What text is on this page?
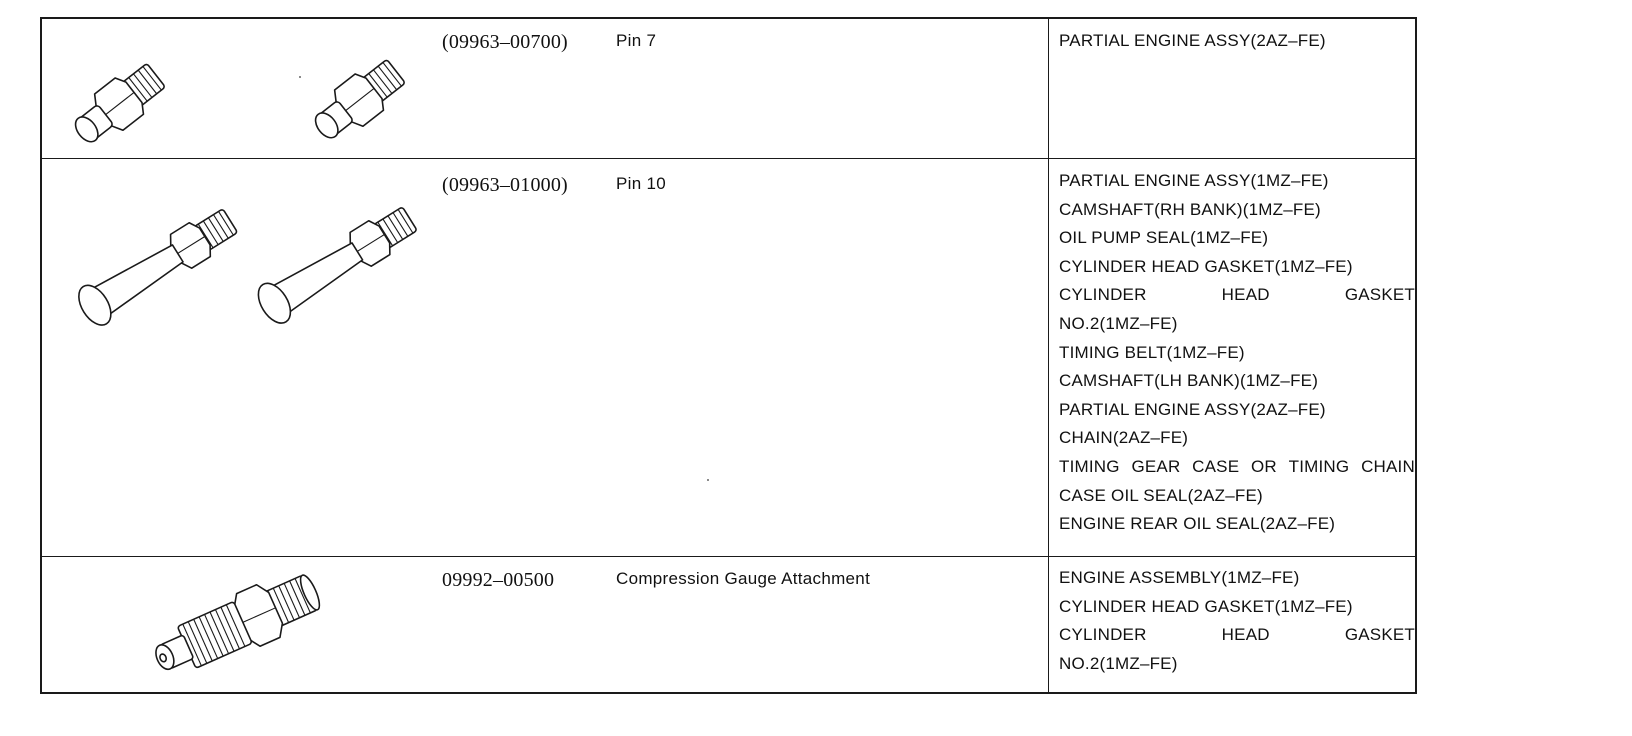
(09963–00700)	Pin 7	PARTIAL ENGINE ASSY(2AZ–FE)
(09963–01000)	Pin 10	PARTIAL ENGINE ASSY(1MZ–FE)
CAMSHAFT(RH BANK)(1MZ–FE)
OIL PUMP SEAL(1MZ–FE)
CYLINDER HEAD GASKET(1MZ–FE)
CYLINDER	HEAD	GASKET
NO.2(1MZ–FE)
TIMING BELT(1MZ–FE)
CAMSHAFT(LH BANK)(1MZ–FE)
PARTIAL ENGINE ASSY(2AZ–FE)
CHAIN(2AZ–FE)
TIMING GEAR CASE OR TIMING CHAIN
CASE OIL SEAL(2AZ–FE)
ENGINE REAR OIL SEAL(2AZ–FE)
09992–00500	Compression Gauge Attachment	ENGINE ASSEMBLY(1MZ–FE)
CYLINDER HEAD GASKET(1MZ–FE)
CYLINDER	HEAD	GASKET
NO.2(1MZ–FE)
